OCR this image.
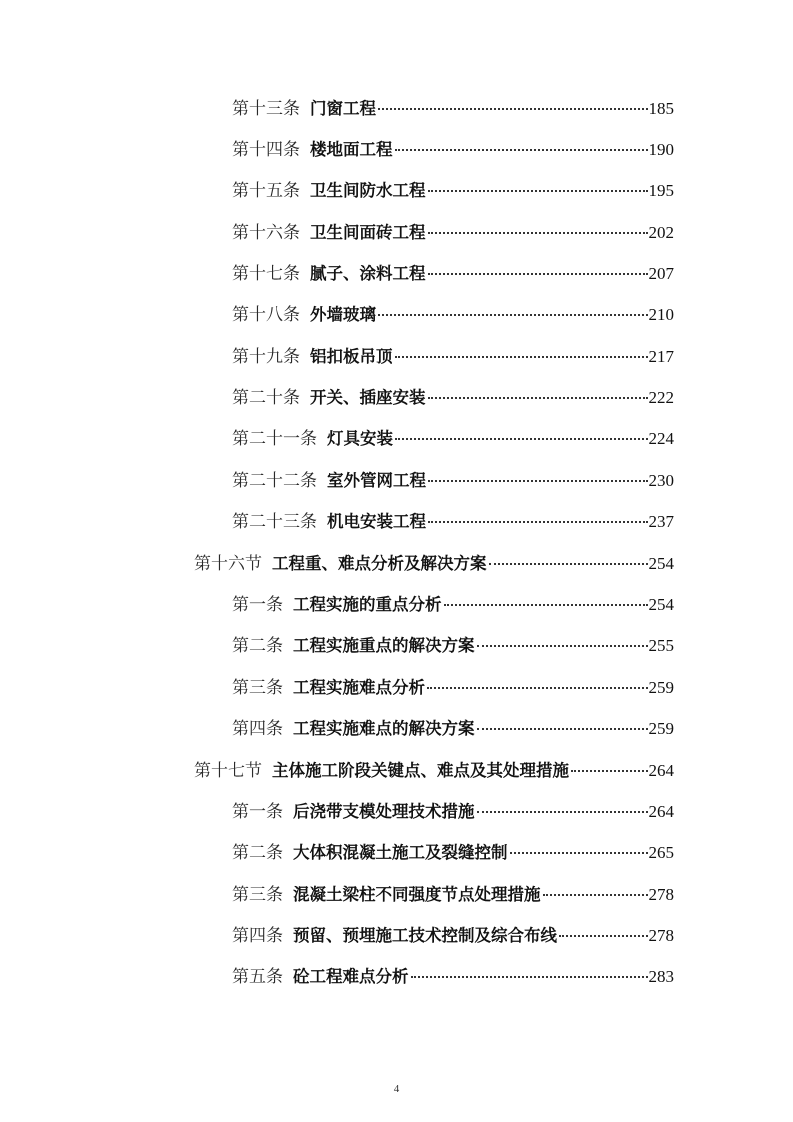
第十三条 门窗工程	185
第十四条 楼地面工程	190
第十五条 卫生间防水工程	195
第十六条 卫生间面砖工程	202
第十七条 腻子、涂料工程	207
第十八条 外墙玻璃	210
第十九条 铝扣板吊顶	217
第二十条 开关、插座安装	222
第二十一条 灯具安装	224
第二十二条 室外管网工程	230
第二十三条 机电安装工程	237
第十六节 工程重、难点分析及解决方案	254
第一条 工程实施的重点分析	254
第二条 工程实施重点的解决方案	255
第三条 工程实施难点分析	259
第四条 工程实施难点的解决方案	259
第十七节 主体施工阶段关键点、难点及其处理措施	264
第一条 后浇带支模处理技术措施	264
第二条 大体积混凝土施工及裂缝控制	265
第三条 混凝土梁柱不同强度节点处理措施	278
第四条 预留、预埋施工技术控制及综合布线	278
第五条 砼工程难点分析	283
4
